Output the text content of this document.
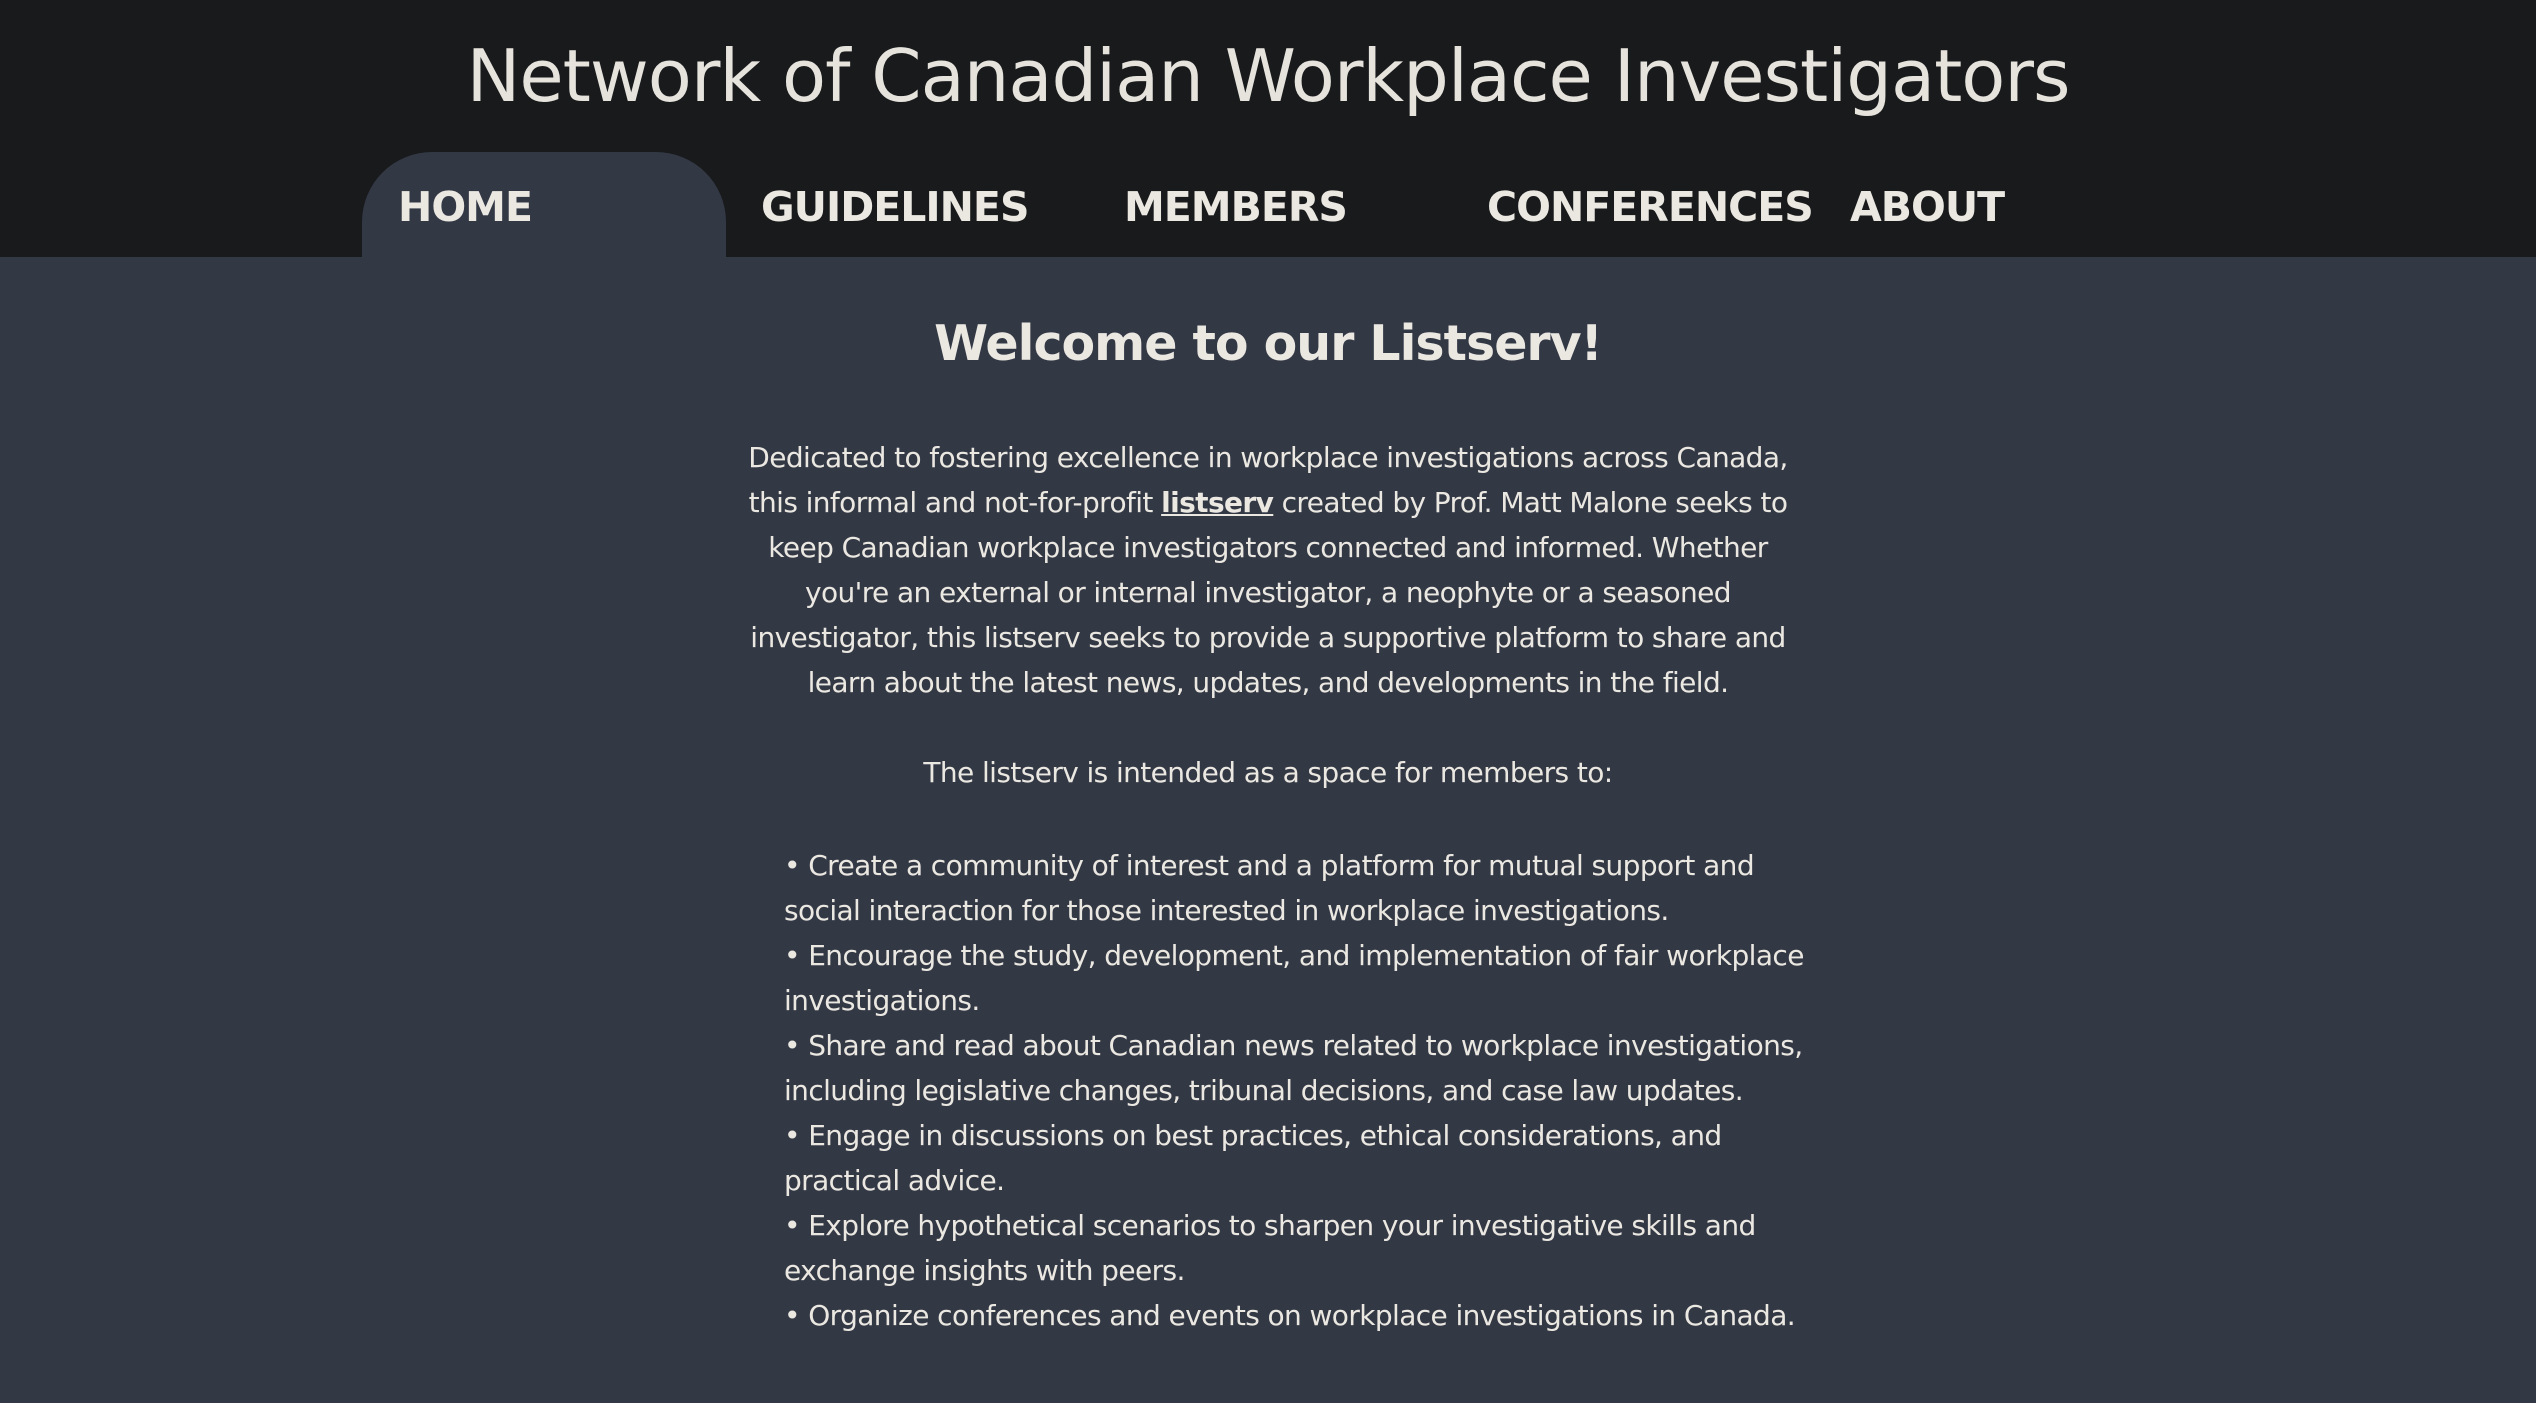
Network of Canadian Workplace Investigators
HOME	GUIDELINES MEMBERS	CONFERENCES ABOUT
Welcome to our Listserv!

Dedicated to fostering excellence in workplace investigations across Canada, this informal and not-for-profit listserv created by Prof. Matt Malone seeks to keep Canadian workplace investigators connected and informed. Whether you're an external or internal investigator, a neophyte or a seasoned investigator, this listserv seeks to provide a supportive platform to share and learn about the latest news, updates, and developments in the field.

The listserv is intended as a space for members to:

• Create a community of interest and a platform for mutual support and social interaction for those interested in workplace investigations.
• Encourage the study, development, and implementation of fair workplace investigations.
• Share and read about Canadian news related to workplace investigations, including legislative changes, tribunal decisions, and case law updates.
• Engage in discussions on best practices, ethical considerations, and practical advice.
• Explore hypothetical scenarios to sharpen your investigative skills and exchange insights with peers.
• Organize conferences and events on workplace investigations in Canada.
